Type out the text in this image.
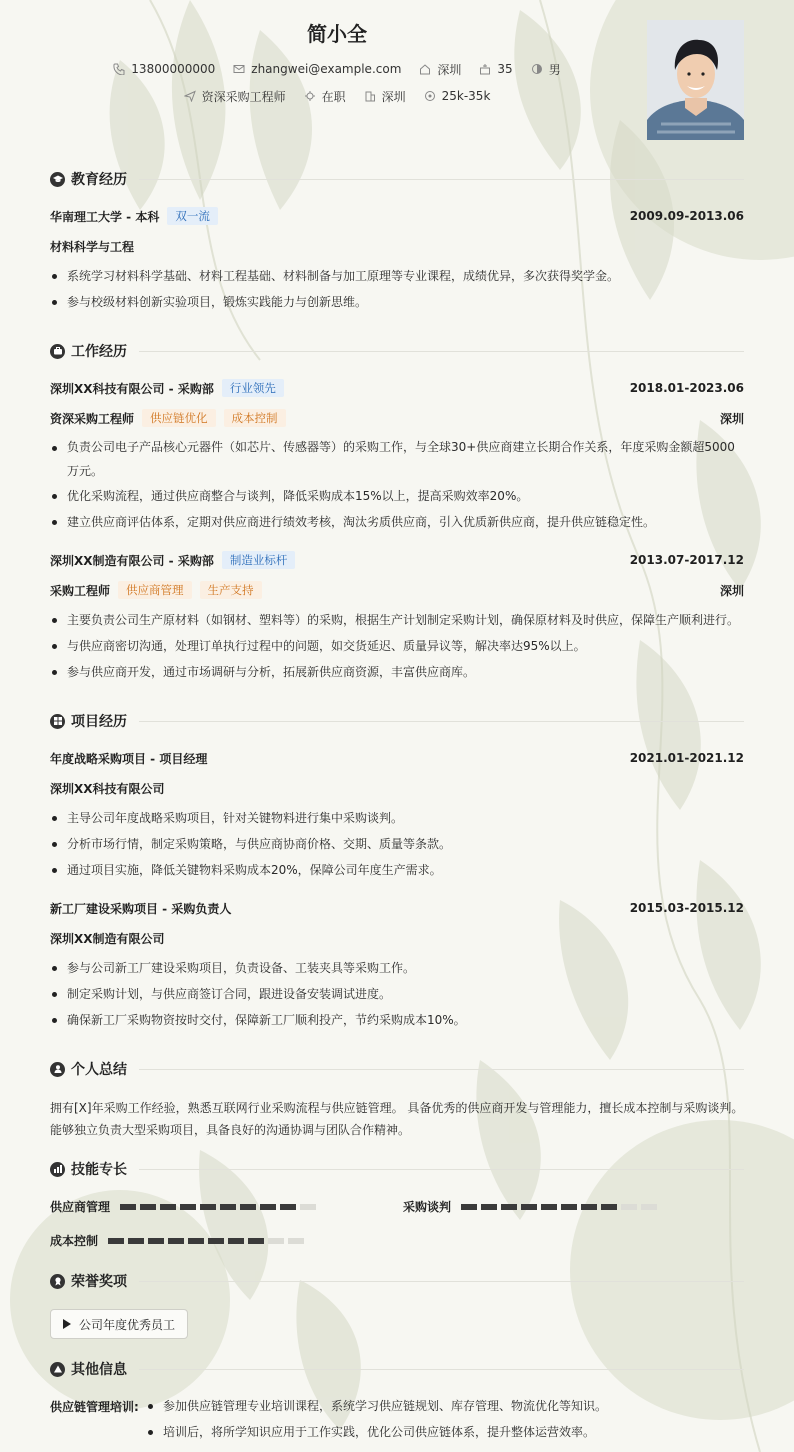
简小全
13800000000	zhangwei@example.com	深圳	35	男
资深采购工程师	在职	深圳	25k-35k
教育经历
华南理工大学 - 本科	双一流	2009.09-2013.06
材料科学与工程
系统学习材料科学基础、材料工程基础、材料制备与加工原理等专业课程，成绩优异，多次获得奖学金。
参与校级材料创新实验项目，锻炼实践能力与创新思维。
工作经历
深圳XX科技有限公司 - 采购部	行业领先	2018.01-2023.06
资深采购工程师	供应链优化	成本控制	深圳
负责公司电子产品核心元器件（如芯片、传感器等）的采购工作，与全球30+供应商建立长期合作关系，年度采购金额超5000万元。
优化采购流程，通过供应商整合与谈判，降低采购成本15%以上，提高采购效率20%。
建立供应商评估体系，定期对供应商进行绩效考核，淘汰劣质供应商，引入优质新供应商，提升供应链稳定性。
深圳XX制造有限公司 - 采购部	制造业标杆	2013.07-2017.12
采购工程师	供应商管理	生产支持	深圳
主要负责公司生产原材料（如钢材、塑料等）的采购，根据生产计划制定采购计划，确保原材料及时供应，保障生产顺利进行。
与供应商密切沟通，处理订单执行过程中的问题，如交货延迟、质量异议等，解决率达95%以上。
参与供应商开发，通过市场调研与分析，拓展新供应商资源，丰富供应商库。
项目经历
年度战略采购项目 - 项目经理	2021.01-2021.12
深圳XX科技有限公司
主导公司年度战略采购项目，针对关键物料进行集中采购谈判。
分析市场行情，制定采购策略，与供应商协商价格、交期、质量等条款。
通过项目实施，降低关键物料采购成本20%，保障公司年度生产需求。
新工厂建设采购项目 - 采购负责人	2015.03-2015.12
深圳XX制造有限公司
参与公司新工厂建设采购项目，负责设备、工装夹具等采购工作。
制定采购计划，与供应商签订合同，跟进设备安装调试进度。
确保新工厂采购物资按时交付，保障新工厂顺利投产，节约采购成本10%。
个人总结
拥有[X]年采购工作经验，熟悉互联网行业采购流程与供应链管理。 具备优秀的供应商开发与管理能力，擅长成本控制与采购谈判。 能够独立负责大型采购项目，具备良好的沟通协调与团队合作精神。
技能专长
供应商管理	采购谈判
成本控制
荣誉奖项
公司年度优秀员工
其他信息
供应链管理培训:	参加供应链管理专业培训课程，系统学习供应链规划、库存管理、物流优化等知识。
培训后，将所学知识应用于工作实践，优化公司供应链体系，提升整体运营效率。
